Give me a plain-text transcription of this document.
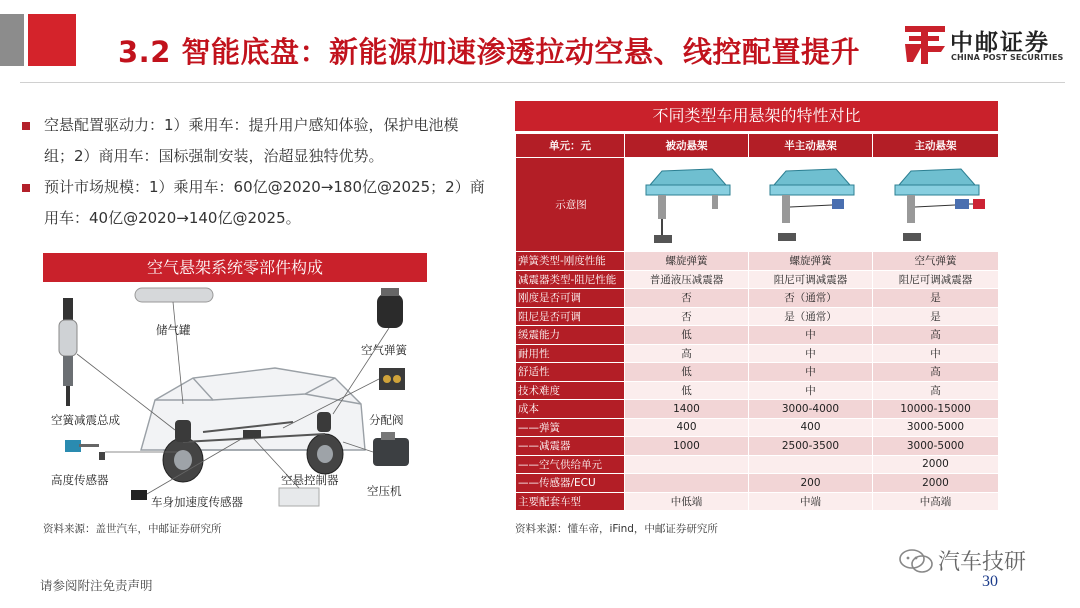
3.2 智能底盘：新能源加速渗透拉动空悬、线控配置提升	中邮证券
CHINA POST SECURITIES
空悬配置驱动力：1）乘用车：提升用户感知体验，保护电池模组；2）商用车：国标强制安装，治超显独特优势。
预计市场规模：1）乘用车：60亿@2020→180亿@2025；2）商用车：40亿@2020→140亿@2025。
空气悬架系统零部件构成
储气罐
空气弹簧
空簧减震总成	分配阀
高度传感器	空悬控制器
空压机
车身加速度传感器
资料来源：盖世汽车，中邮证券研究所
不同类型车用悬架的特性对比
单元：元	被动悬架	半主动悬架	主动悬架
示意图			
弹簧类型-刚度性能	螺旋弹簧	螺旋弹簧	空气弹簧
减震器类型-阻尼性能	普通液压减震器	阻尼可调减震器	阻尼可调减震器
刚度是否可调	否	否（通常）	是
阻尼是否可调	否	是（通常）	是
缓震能力	低	中	高
耐用性	高	中	中
舒适性	低	中	高
技术难度	低	中	高
成本	1400	3000-4000	10000-15000
——弹簧	400	400	3000-5000
——减震器	1000	2500-3500	3000-5000
——空气供给单元			2000
——传感器/ECU		200	2000
主要配套车型	中低端	中端	中高端
资料来源：懂车帝，iFind，中邮证券研究所
请参阅附注免责声明
汽车技研
30
